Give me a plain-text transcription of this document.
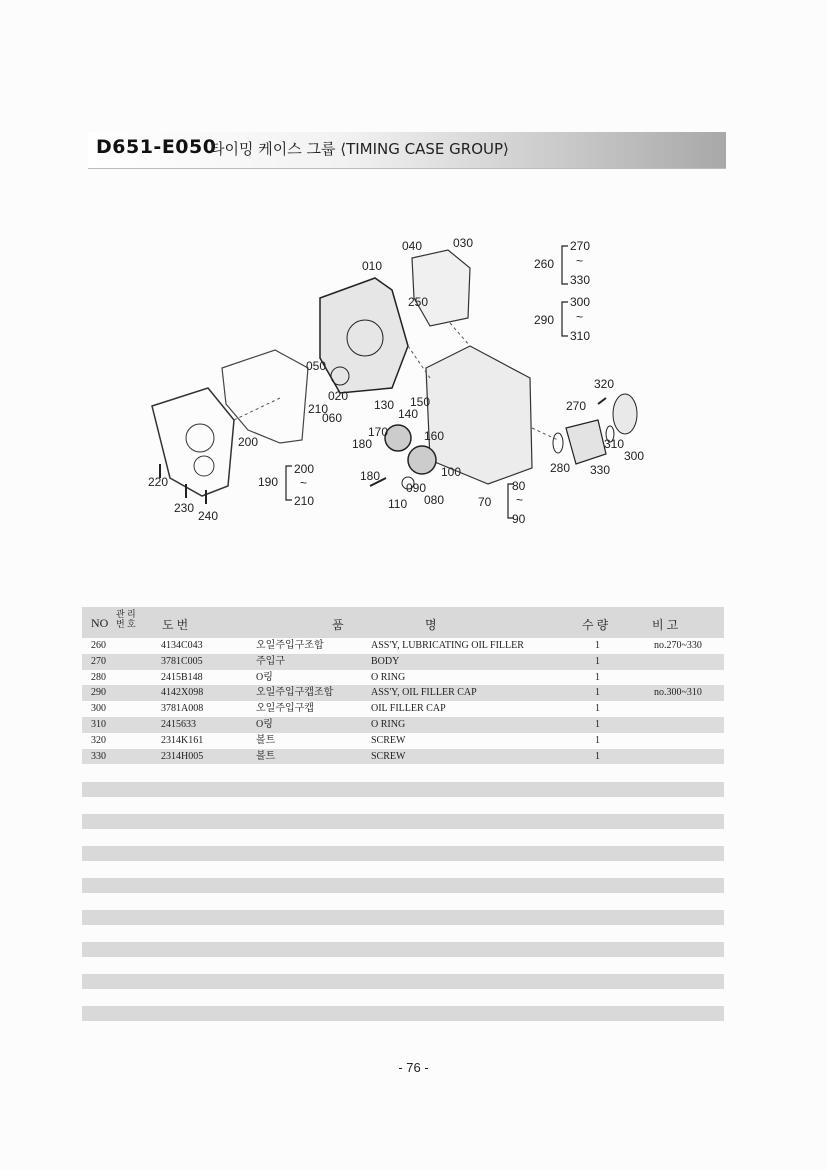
D651-E050
타이밍 케이스 그룹 ⟨TIMING CASE GROUP⟩
040	030
010
250
050
020
210
060
130 150
140
170	160
180
180	100
090
080
110
200
220
230
240
190
200
~
210
260
270
~
330
290
300
~
310
320
270
310
300
280 330
70
80
~
90
NO
관 리
번 호 도 번	품	명	수 량	비 고
260	4134C043	오일주입구조합	ASS'Y, LUBRICATING OIL FILLER	1	no.270~330
270	3781C005	주입구	BODY	1
280	2415B148	O링	O RING	1
290	4142X098	오일주입구캡조합	ASS'Y, OIL FILLER CAP	1	no.300~310
300	3781A008	오일주입구캡	OIL FILLER CAP	1
310	2415633	O링	O RING	1
320	2314K161	볼트	SCREW	1
330	2314H005	볼트	SCREW	1
- 76 -
